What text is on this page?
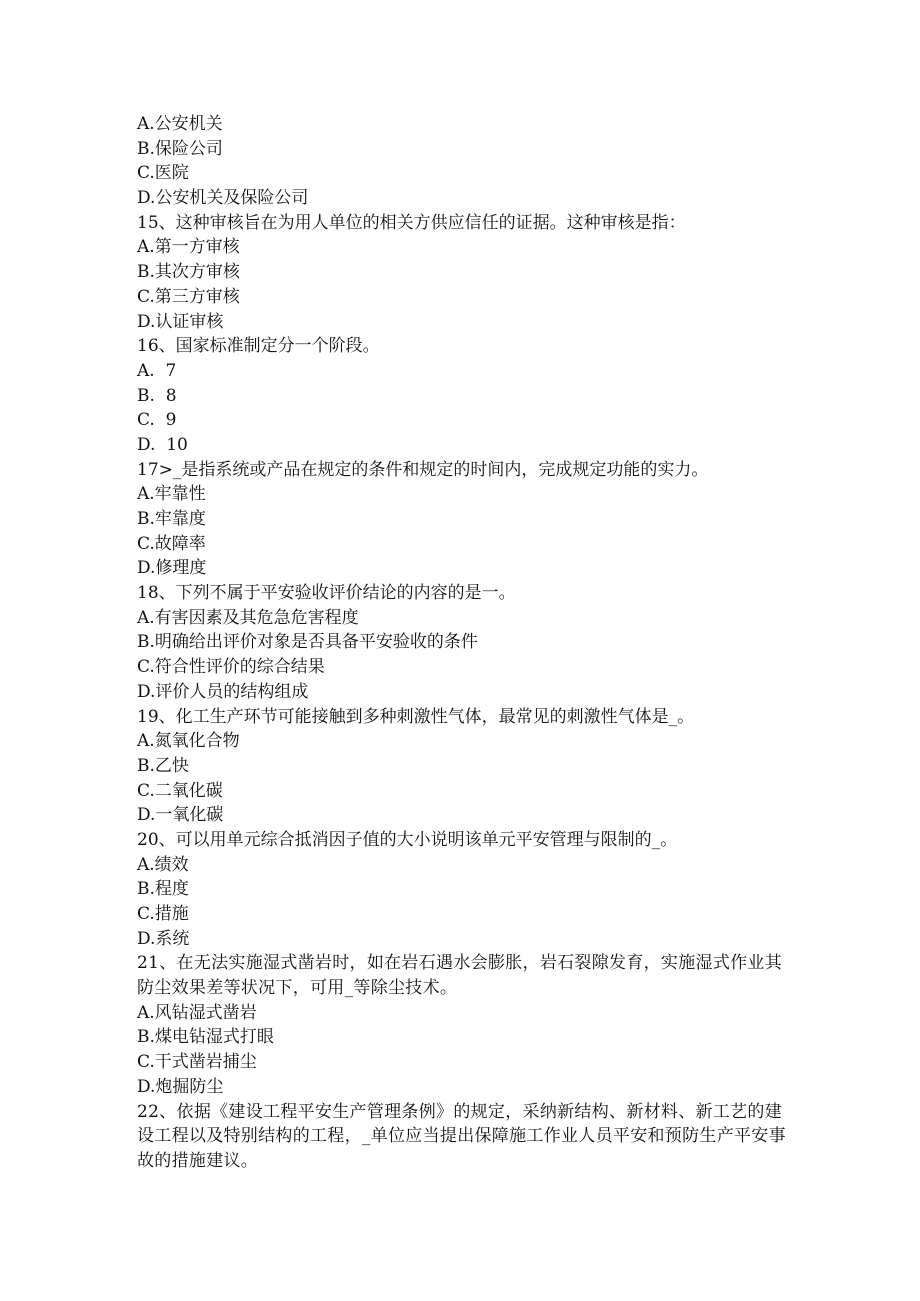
A.公安机关
B.保险公司
C.医院
D.公安机关及保险公司
15、这种审核旨在为用人单位的相关方供应信任的证据。这种审核是指：
A.第一方审核
B.其次方审核
C.第三方审核
D.认证审核
16、国家标准制定分一个阶段。
A.  7
B.  8
C.  9
D.  10
17>_是指系统或产品在规定的条件和规定的时间内，完成规定功能的实力。
A.牢靠性
B.牢靠度
C.故障率
D.修理度
18、下列不属于平安验收评价结论的内容的是一。
A.有害因素及其危急危害程度
B.明确给出评价对象是否具备平安验收的条件
C.符合性评价的综合结果
D.评价人员的结构组成
19、化工生产环节可能接触到多种刺激性气体，最常见的刺激性气体是_。
A.氮氧化合物
B.乙快
C.二氧化碳
D.一氧化碳
20、可以用单元综合抵消因子值的大小说明该单元平安管理与限制的_。
A.绩效
B.程度
C.措施
D.系统
21、在无法实施湿式凿岩时，如在岩石遇水会膨胀，岩石裂隙发育，实施湿式作业其防尘效果差等状况下，可用_等除尘技术。
A.风钻湿式凿岩
B.煤电钻湿式打眼
C.干式凿岩捕尘
D.炮掘防尘
22、依据《建设工程平安生产管理条例》的规定，采纳新结构、新材料、新工艺的建设工程以及特别结构的工程，_单位应当提出保障施工作业人员平安和预防生产平安事故的措施建议。
